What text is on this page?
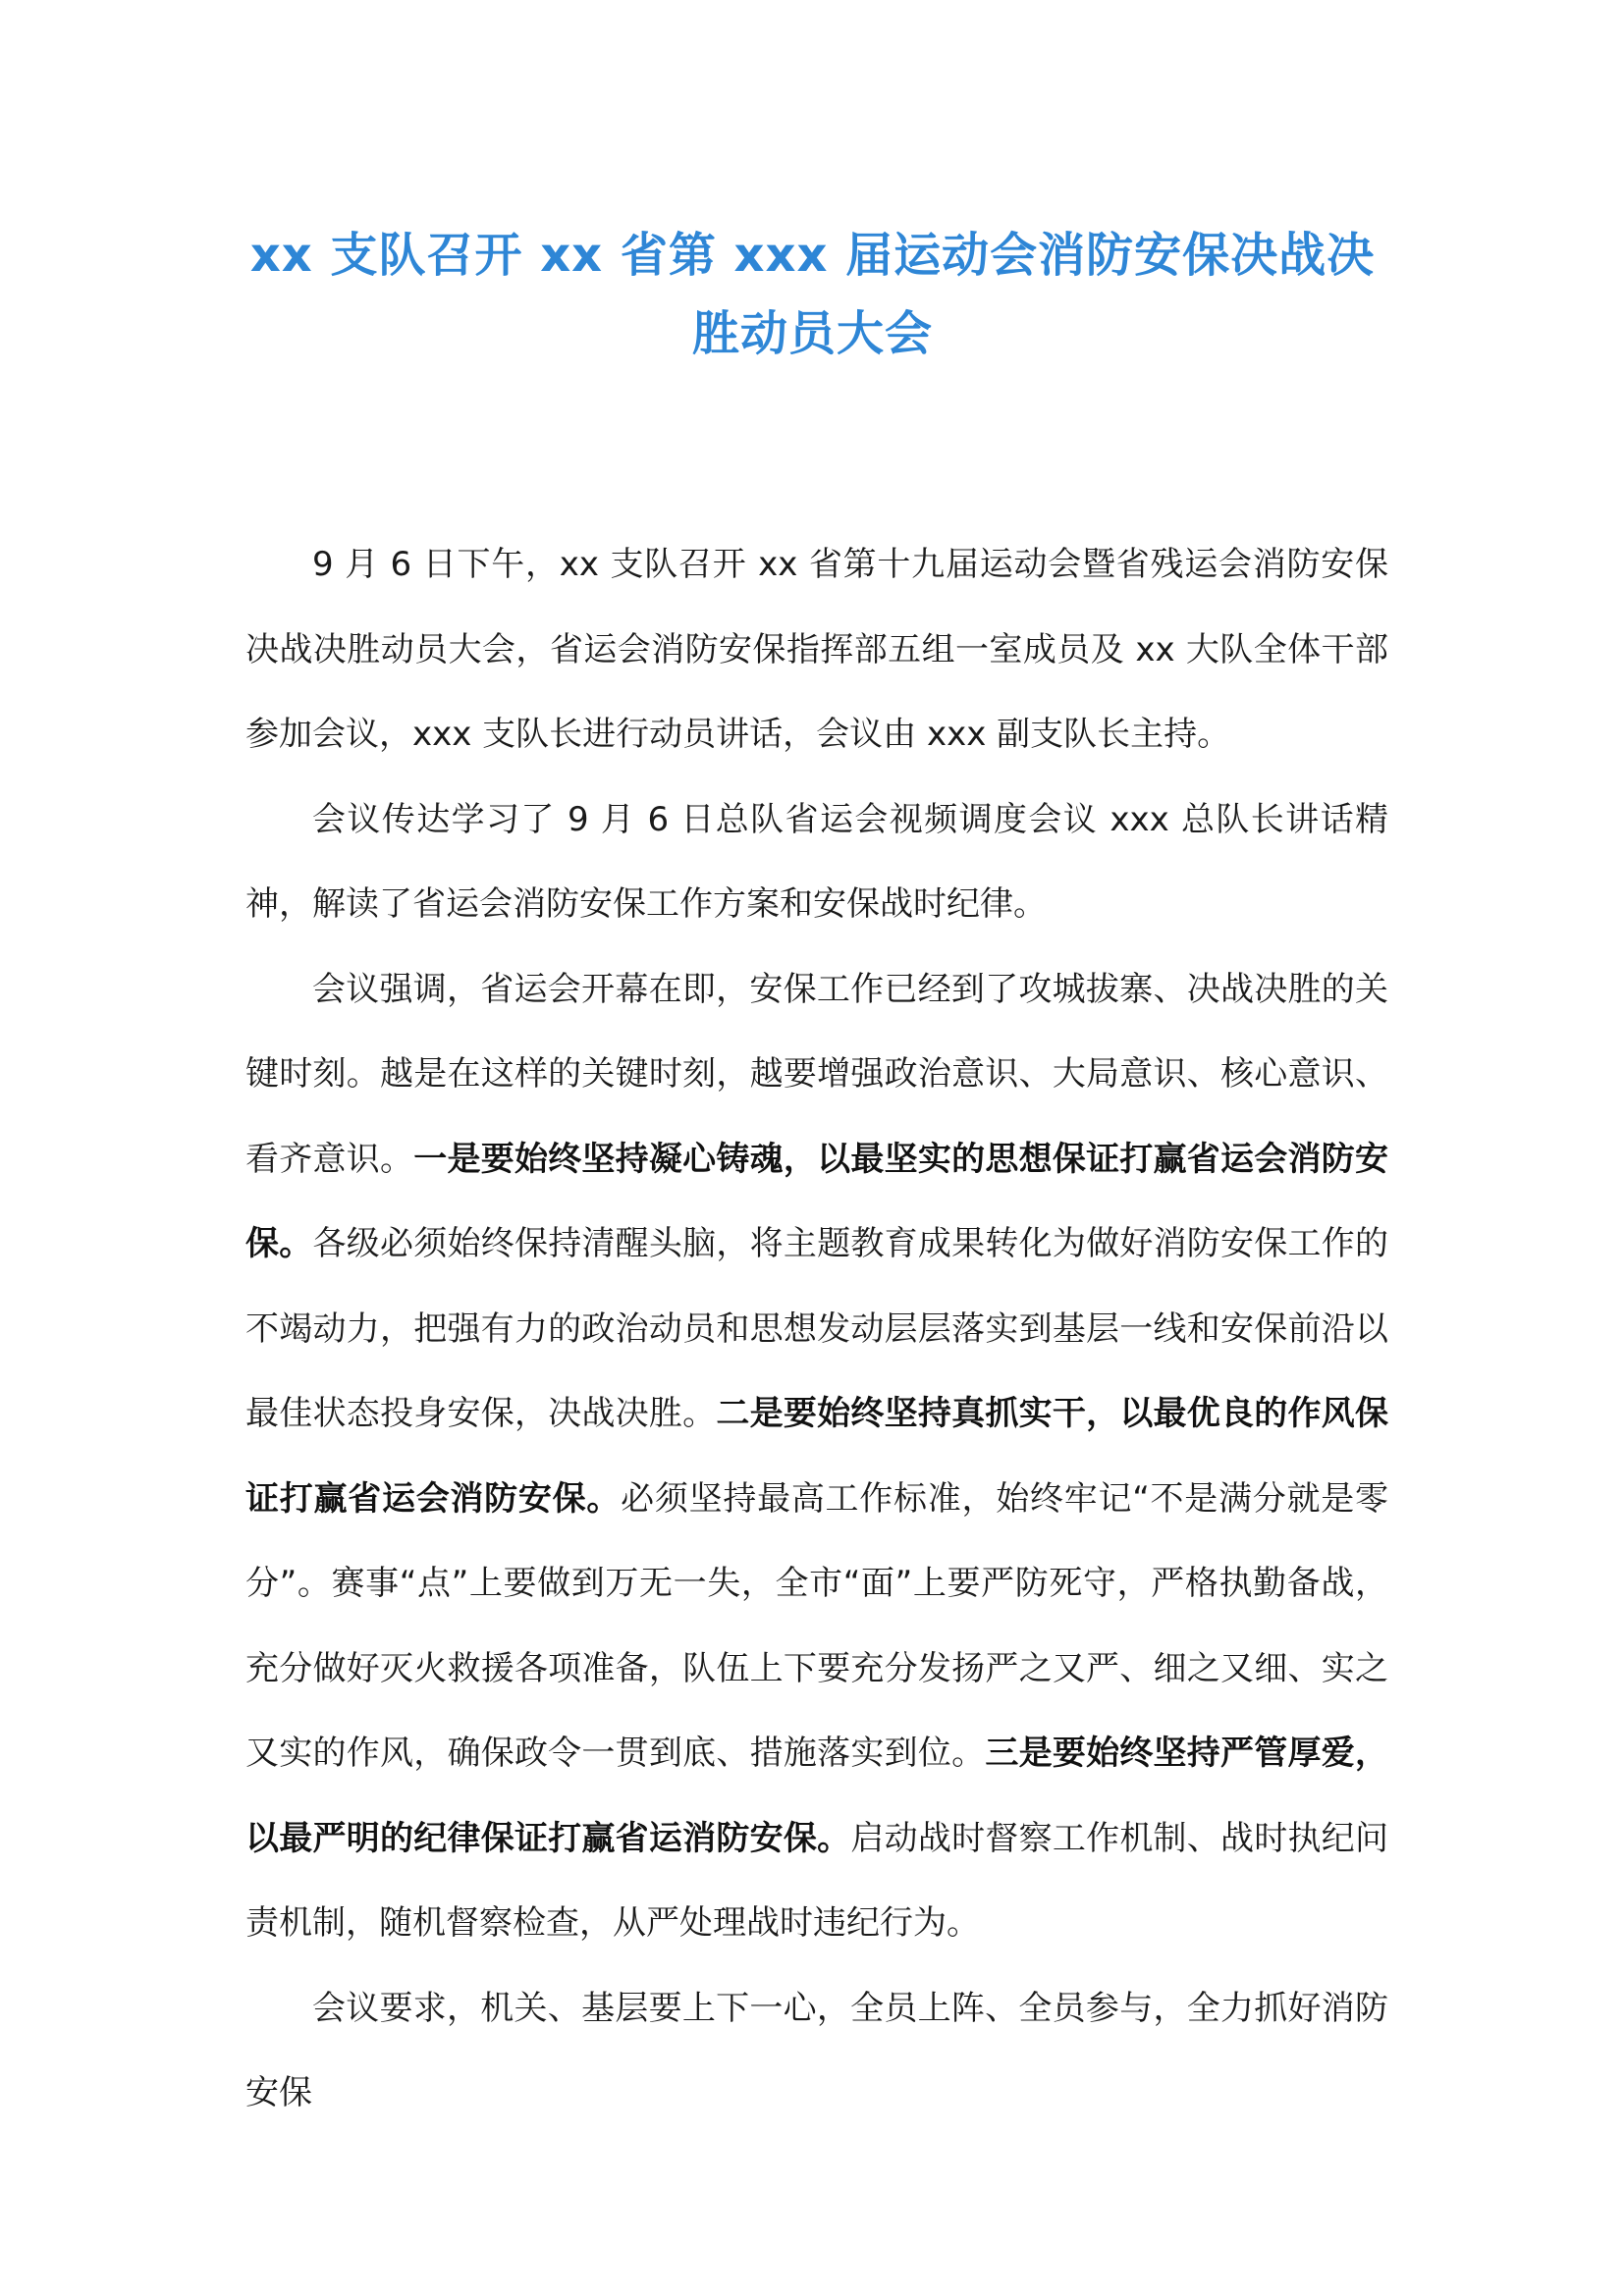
xx 支队召开 xx 省第 xxx 届运动会消防安保决战决胜动员大会

9 月 6 日下午，xx 支队召开 xx 省第十九届运动会暨省残运会消防安保决战决胜动员大会，省运会消防安保指挥部五组一室成员及 xx 大队全体干部参加会议，xxx 支队长进行动员讲话，会议由 xxx 副支队长主持。

会议传达学习了 9 月 6 日总队省运会视频调度会议 xxx 总队长讲话精神，解读了省运会消防安保工作方案和安保战时纪律。

会议强调，省运会开幕在即，安保工作已经到了攻城拔寨、决战决胜的关键时刻。越是在这样的关键时刻，越要增强政治意识、大局意识、核心意识、看齐意识。一是要始终坚持凝心铸魂，以最坚实的思想保证打赢省运会消防安保。各级必须始终保持清醒头脑，将主题教育成果转化为做好消防安保工作的不竭动力，把强有力的政治动员和思想发动层层落实到基层一线和安保前沿以最佳状态投身安保，决战决胜。二是要始终坚持真抓实干，以最优良的作风保证打赢省运会消防安保。必须坚持最高工作标准，始终牢记“不是满分就是零分”。赛事“点”上要做到万无一失，全市“面”上要严防死守，严格执勤备战，充分做好灭火救援各项准备，队伍上下要充分发扬严之又严、细之又细、实之又实的作风，确保政令一贯到底、措施落实到位。三是要始终坚持严管厚爱，以最严明的纪律保证打赢省运消防安保。启动战时督察工作机制、战时执纪问责机制，随机督察检查，从严处理战时违纪行为。

会议要求，机关、基层要上下一心，全员上阵、全员参与，全力抓好消防安保
